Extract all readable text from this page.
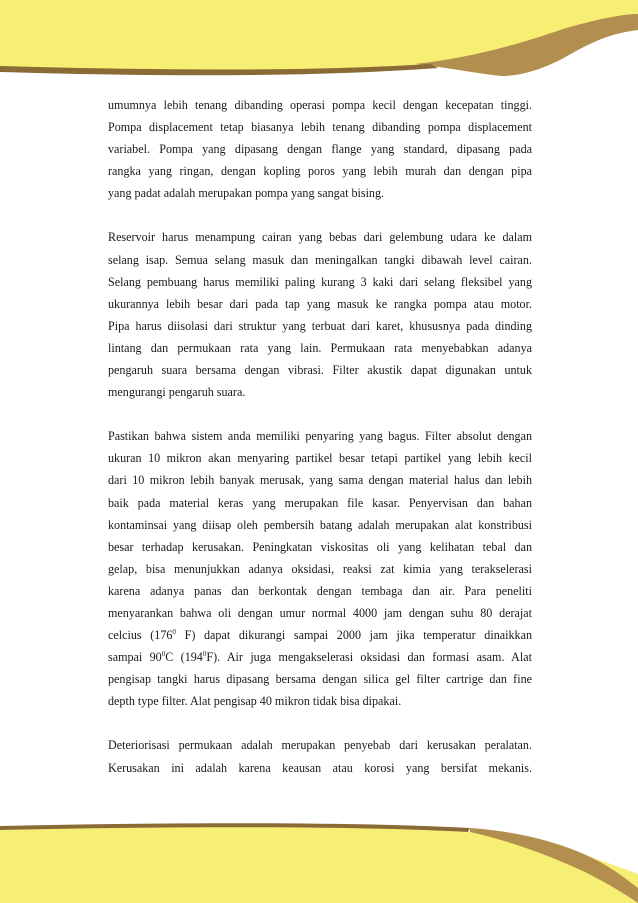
umumnya lebih tenang dibanding operasi pompa kecil dengan kecepatan tinggi.

Pompa displacement tetap biasanya lebih tenang dibanding pompa displacement

variabel. Pompa yang dipasang dengan flange yang standard, dipasang pada

rangka yang ringan, dengan kopling poros yang lebih murah dan dengan pipa

yang padat adalah merupakan pompa yang sangat bising.

Reservoir harus menampung cairan yang bebas dari gelembung udara ke dalam

selang isap. Semua selang masuk dan meningalkan tangki dibawah level cairan.

Selang pembuang harus memiliki paling kurang 3 kaki dari selang fleksibel yang

ukurannya lebih besar dari pada tap yang masuk ke rangka pompa atau motor.

Pipa harus diisolasi dari struktur yang terbuat dari karet, khususnya pada dinding

lintang dan permukaan rata yang lain. Permukaan rata menyebabkan adanya

pengaruh suara bersama dengan vibrasi. Filter akustik dapat digunakan untuk

mengurangi pengaruh suara.

Pastikan bahwa sistem anda memiliki penyaring yang bagus. Filter absolut dengan

ukuran 10 mikron akan menyaring partikel besar tetapi partikel yang lebih kecil

dari 10 mikron lebih banyak merusak, yang sama dengan material halus dan lebih

baik pada material keras yang merupakan file kasar. Penyervisan dan bahan

kontaminsai yang diisap oleh pembersih batang adalah merupakan alat konstribusi

besar terhadap kerusakan. Peningkatan viskositas oli yang kelihatan tebal dan

gelap, bisa menunjukkan adanya oksidasi, reaksi zat kimia yang terakselerasi

karena adanya panas dan berkontak dengan tembaga dan air. Para peneliti

menyarankan bahwa oli dengan umur normal 4000 jam dengan suhu 80 derajat

celcius ($176^0$ F) dapat dikurangi sampai 2000 jam jika temperatur dinaikkan

sampai $90^0C$ $(194^0F)$. Air juga mengakselerasi oksidasi dan formasi asam. Alat

pengisap tangki harus dipasang bersama dengan silica gel filter cartrige dan fine

depth type filter. Alat pengisap 40 mikron tidak bisa dipakai.

Deteriorisasi permukaan adalah merupakan penyebab dari kerusakan peralatan.

Kerusakan ini adalah karena keausan atau korosi yang bersifat mekanis.
